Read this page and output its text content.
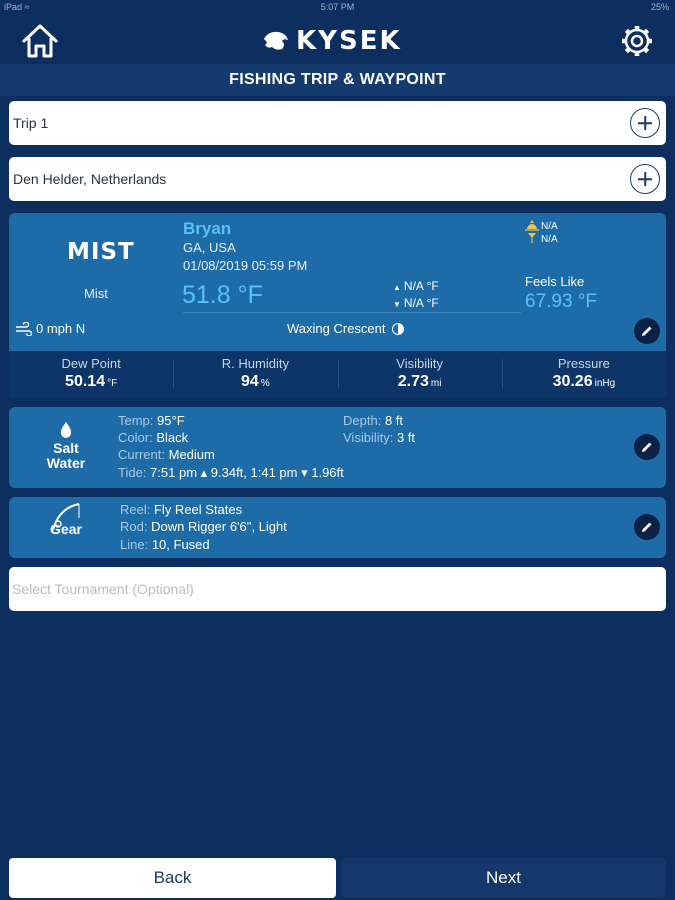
iPad ≈	5:07 PM	25%
KYSEK
FISHING TRIP & WAYPOINT
Trip 1
Den Helder, Netherlands
MIST
Mist
Bryan
GA, USA
01/08/2019 05:59 PM
51.8 °F	▲ N/A °F
▼ N/A °F
N/A
N/A
Feels Like
67.93 °F
0 mph N	Waxing Crescent
Dew Point
50.14 °F
R. Humidity
94 %
Visibility
2.73 mi
Pressure
30.26 inHg
Salt
Water
Temp: 95°F
Color: Black
Current: Medium
Tide: 7:51 pm ▴ 9.34ft, 1:41 pm ▾ 1.96ft
Depth: 8 ft
Visibility: 3 ft
Gear
Reel: Fly Reel States
Rod: Down Rigger 6'6", Light
Line: 10, Fused
Select Tournament (Optional)
Back	Next
